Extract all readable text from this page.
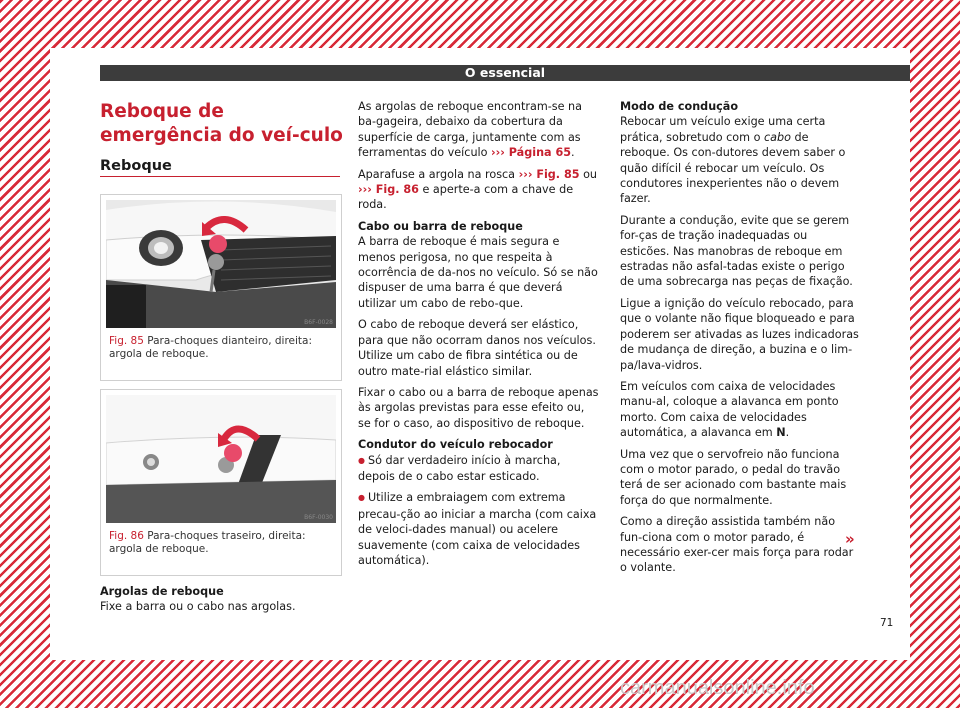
O essencial
Reboque de emergência do veí-culo
Reboque
B6F-0028
Fig. 85 Para-choques dianteiro, direita: argola de reboque.
B6F-0030
Fig. 86 Para-choques traseiro, direita: argola de reboque.

Argolas de reboque

Fixe a barra ou o cabo nas argolas.

As argolas de reboque encontram-se na ba-gageira, debaixo da cobertura da superfície de carga, juntamente com as ferramentas do veículo ››› Página 65.

Aparafuse a argola na rosca ››› Fig. 85 ou ››› Fig. 86 e aperte-a com a chave de roda.

Cabo ou barra de reboque

A barra de reboque é mais segura e menos perigosa, no que respeita à ocorrência de da-nos no veículo. Só se não dispuser de uma barra é que deverá utilizar um cabo de rebo-que.

O cabo de reboque deverá ser elástico, para que não ocorram danos nos veículos. Utilize um cabo de fibra sintética ou de outro mate-rial elástico similar.

Fixar o cabo ou a barra de reboque apenas às argolas previstas para esse efeito ou, se for o caso, ao dispositivo de reboque.

Condutor do veículo rebocador

● Só dar verdadeiro início à marcha, depois de o cabo estar esticado.

● Utilize a embraiagem com extrema precau-ção ao iniciar a marcha (com caixa de veloci-dades manual) ou acelere suavemente (com caixa de velocidades automática).

Modo de condução

Rebocar um veículo exige uma certa prática, sobretudo com o cabo de reboque. Os con-dutores devem saber o quão difícil é rebocar um veículo. Os condutores inexperientes não o devem fazer.

Durante a condução, evite que se gerem for-ças de tração inadequadas ou esticões. Nas manobras de reboque em estradas não asfal-tadas existe o perigo de uma sobrecarga nas peças de fixação.

Ligue a ignição do veículo rebocado, para que o volante não fique bloqueado e para poderem ser ativadas as luzes indicadoras de mudança de direção, a buzina e o lim-pa/lava-vidros.

Em veículos com caixa de velocidades manu-al, coloque a alavanca em ponto morto. Com caixa de velocidades automática, a alavanca em N.

Uma vez que o servofreio não funciona com o motor parado, o pedal do travão terá de ser acionado com bastante mais força do que normalmente.

Como a direção assistida também não fun-ciona com o motor parado, é necessário exer-cer mais força para rodar o volante.

»
71
carmanualsonline.info
